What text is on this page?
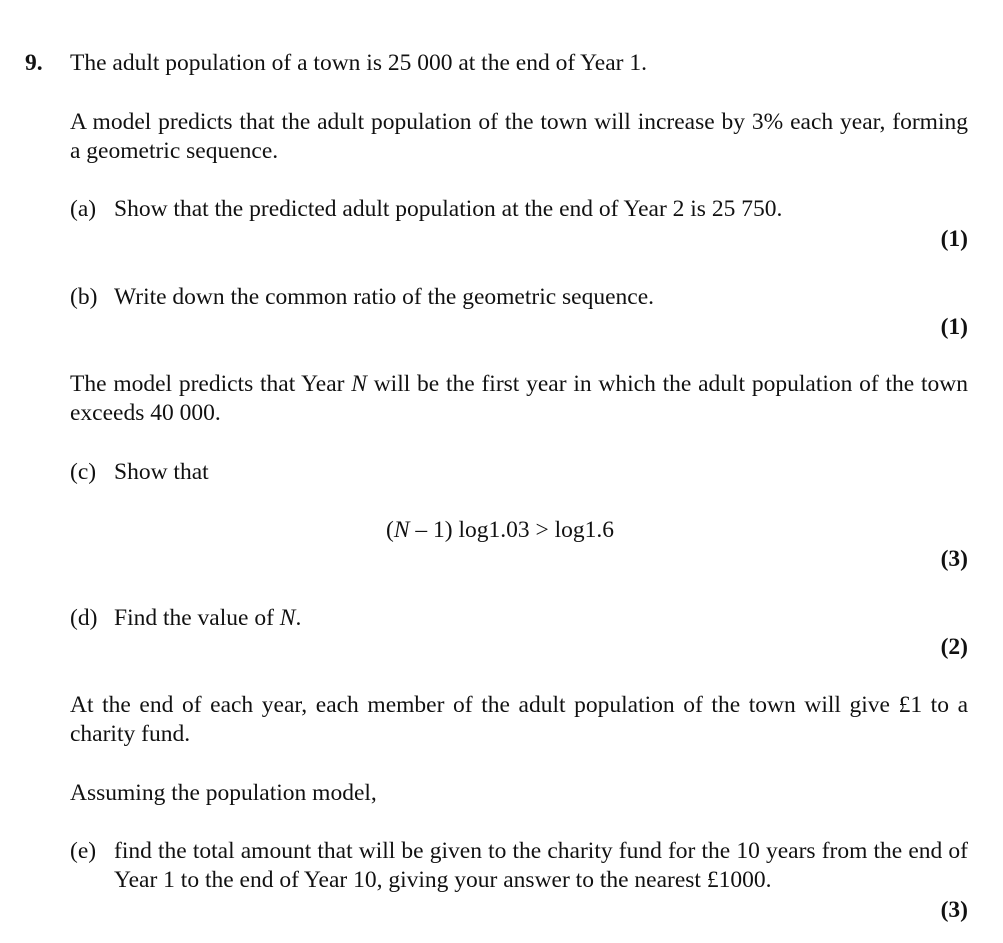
9. The adult population of a town is 25 000 at the end of Year 1.
A model predicts that the adult population of the town will increase by 3% each year, forming a geometric sequence.
(a) Show that the predicted adult population at the end of Year 2 is 25 750.
(1)
(b) Write down the common ratio of the geometric sequence.
(1)
The model predicts that Year N will be the first year in which the adult population of the town exceeds 40 000.
(c) Show that
(N – 1) log1.03 > log1.6
(3)
(d) Find the value of N.
(2)
At the end of each year, each member of the adult population of the town will give £1 to a charity fund.
Assuming the population model,
(e) find the total amount that will be given to the charity fund for the 10 years from the end of Year 1 to the end of Year 10, giving your answer to the nearest £1000.
(3)
